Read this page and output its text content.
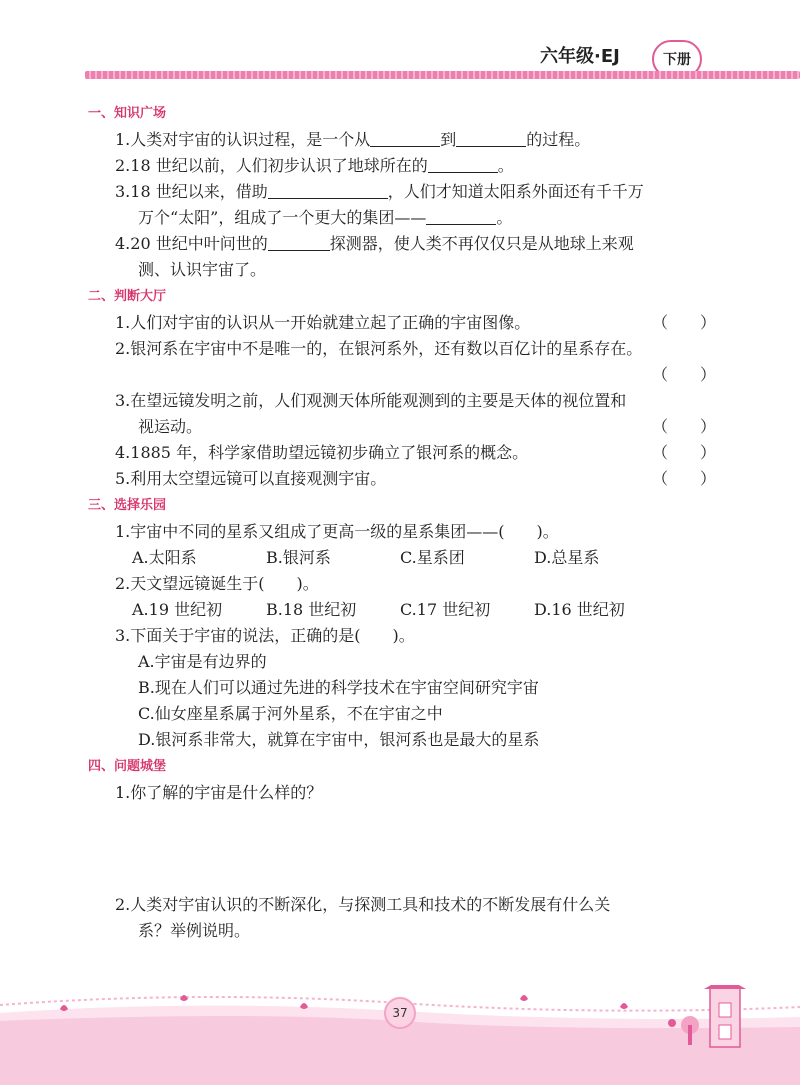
六年级·EJ	下册
一、知识广场
1.人类对宇宙的认识过程，是一个从	到	的过程。
2.18 世纪以前，人们初步认识了地球所在的	。
3.18 世纪以来，借助	，人们才知道太阳系外面还有千千万
万个“太阳”，组成了一个更大的集团——	。
4.20 世纪中叶问世的	探测器，使人类不再仅仅只是从地球上来观
测、认识宇宙了。
二、判断大厅
1.人们对宇宙的认识从一开始就建立起了正确的宇宙图像。	（　　）
2.银河系在宇宙中不是唯一的，在银河系外，还有数以百亿计的星系存在。
（　　）

3.在望远镜发明之前，人们观测天体所能观测到的主要是天体的视位置和
视运动。	（　　）
4.1885 年，科学家借助望远镜初步确立了银河系的概念。	（　　）
5.利用太空望远镜可以直接观测宇宙。	（　　）
三、选择乐园
1.宇宙中不同的星系又组成了更高一级的星系集团——(　　)。
A.太阳系	B.银河系	C.星系团	D.总星系
2.天文望远镜诞生于(　　)。
A.19 世纪初	B.18 世纪初	C.17 世纪初	D.16 世纪初
3.下面关于宇宙的说法，正确的是(　　)。
A.宇宙是有边界的
B.现在人们可以通过先进的科学技术在宇宙空间研究宇宙
C.仙女座星系属于河外星系，不在宇宙之中
D.银河系非常大，就算在宇宙中，银河系也是最大的星系
四、问题城堡
1.你了解的宇宙是什么样的？
2.人类对宇宙认识的不断深化，与探测工具和技术的不断发展有什么关
系？举例说明。
37
